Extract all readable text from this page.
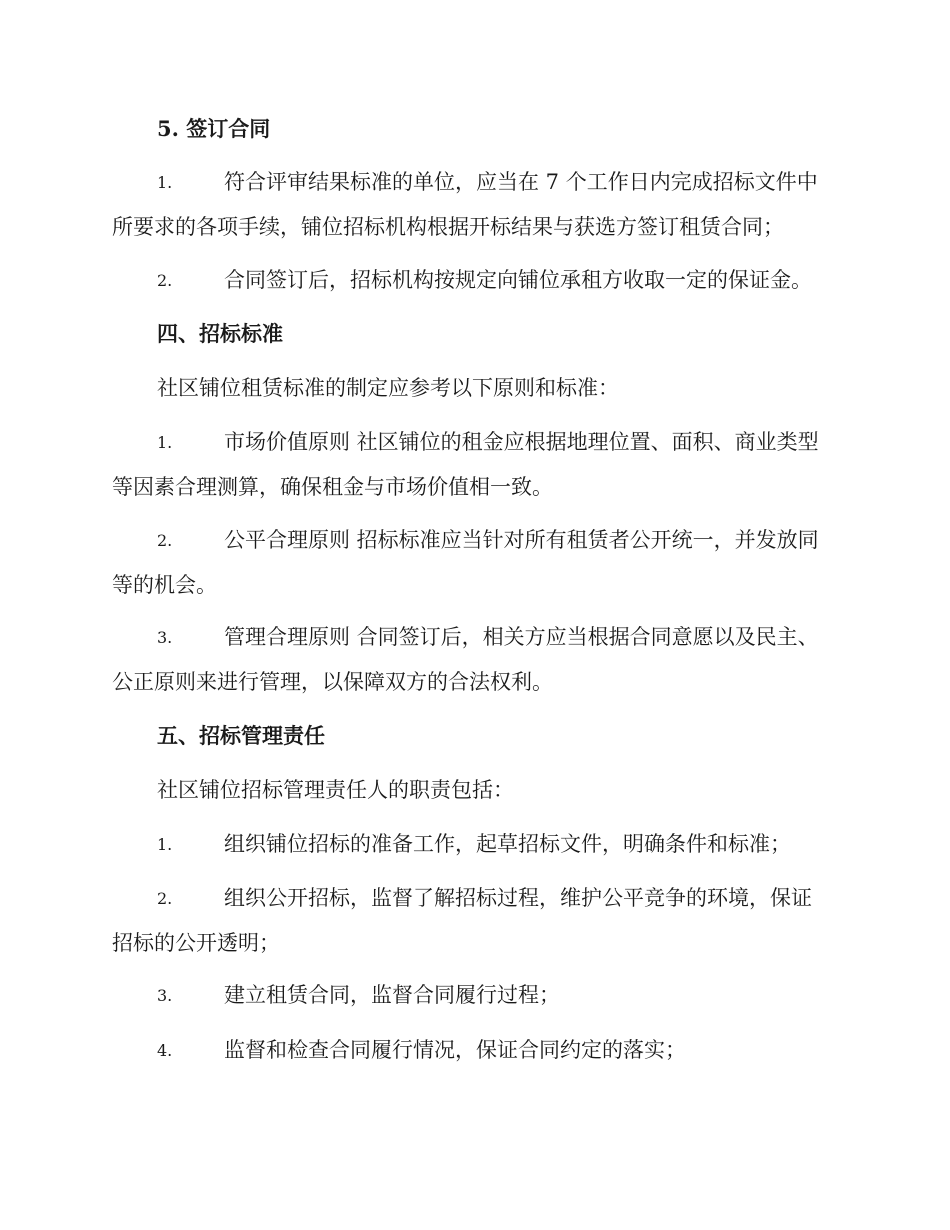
5. 签订合同
1.	符合评审结果标准的单位，应当在 7 个工作日内完成招标文件中
所要求的各项手续，铺位招标机构根据开标结果与获选方签订租赁合同；
2.	合同签订后，招标机构按规定向铺位承租方收取一定的保证金。
四、招标标准
社区铺位租赁标准的制定应参考以下原则和标准：
1.	市场价值原则 社区铺位的租金应根据地理位置、面积、商业类型
等因素合理测算，确保租金与市场价值相一致。
2.	公平合理原则 招标标准应当针对所有租赁者公开统一，并发放同
等的机会。
3.	管理合理原则 合同签订后，相关方应当根据合同意愿以及民主、
公正原则来进行管理，以保障双方的合法权利。
五、招标管理责任
社区铺位招标管理责任人的职责包括：
1.	组织铺位招标的准备工作，起草招标文件，明确条件和标准；
2.	组织公开招标，监督了解招标过程，维护公平竞争的环境，保证
招标的公开透明；
3.	建立租赁合同，监督合同履行过程；
4.	监督和检查合同履行情况，保证合同约定的落实；
